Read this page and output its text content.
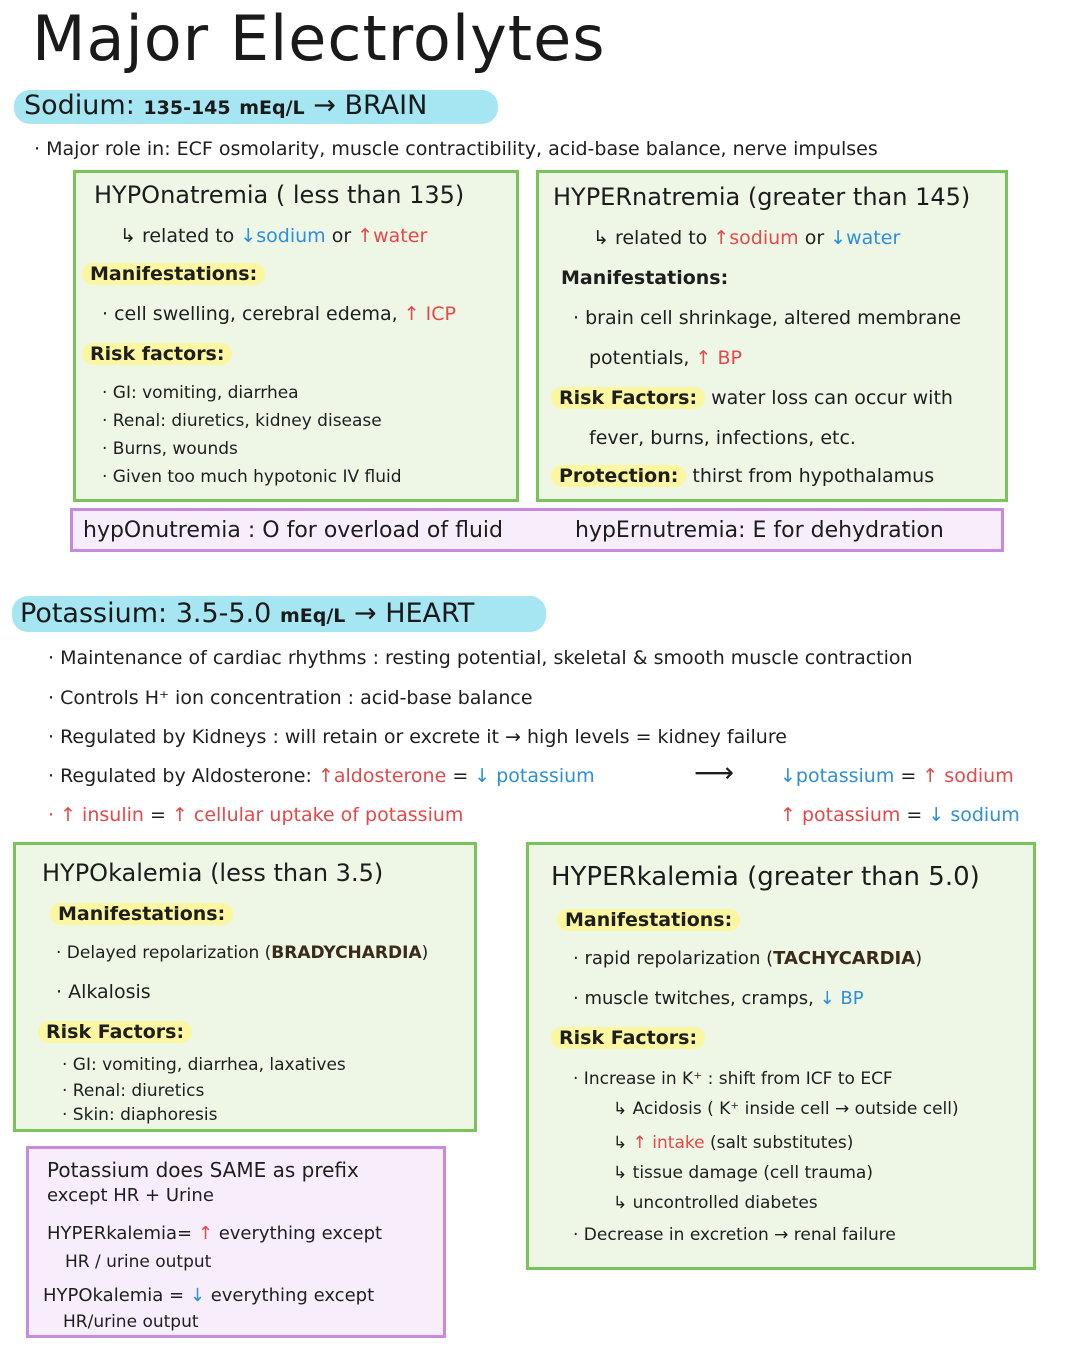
Major Electrolytes
Sodium: 135-145 mEq/L → BRAIN
· Major role in: ECF osmolarity, muscle contractibility, acid-base balance, nerve impulses
HYPOnatremia ( less than 135)
↳ related to ↓sodium or ↑water
Manifestations:
· cell swelling, cerebral edema, ↑ ICP
Risk factors:
· GI: vomiting, diarrhea
· Renal: diuretics, kidney disease
· Burns, wounds
· Given too much hypotonic IV fluid
HYPERnatremia (greater than 145)
↳ related to ↑sodium or ↓water
Manifestations:
· brain cell shrinkage, altered membrane
potentials, ↑ BP
Risk Factors: water loss can occur with
fever, burns, infections, etc.
Protection: thirst from hypothalamus
hypOnutremia : O for overload of fluid	hypErnutremia: E for dehydration
Potassium: 3.5-5.0 mEq/L → HEART
· Maintenance of cardiac rhythms : resting potential, skeletal & smooth muscle contraction
· Controls H⁺ ion concentration : acid-base balance
· Regulated by Kidneys : will retain or excrete it → high levels = kidney failure
· Regulated by Aldosterone: ↑aldosterone = ↓ potassium	⟶ ↓potassium = ↑ sodium
↑ potassium = ↓ sodium
· ↑ insulin = ↑ cellular uptake of potassium
HYPOkalemia (less than 3.5)
Manifestations:
· Delayed repolarization (BRADYCHARDIA)
· Alkalosis
Risk Factors:
· GI: vomiting, diarrhea, laxatives
· Renal: diuretics
· Skin: diaphoresis
HYPERkalemia (greater than 5.0)
Manifestations:
· rapid repolarization (TACHYCARDIA)
· muscle twitches, cramps, ↓ BP
Risk Factors:
· Increase in K⁺ : shift from ICF to ECF
↳ Acidosis ( K⁺ inside cell → outside cell)
↳ ↑ intake (salt substitutes)
↳ tissue damage (cell trauma)
↳ uncontrolled diabetes
· Decrease in excretion → renal failure
Potassium does SAME as prefix
except HR + Urine
HYPERkalemia= ↑ everything except
HR / urine output
HYPOkalemia = ↓ everything except
HR/urine output
